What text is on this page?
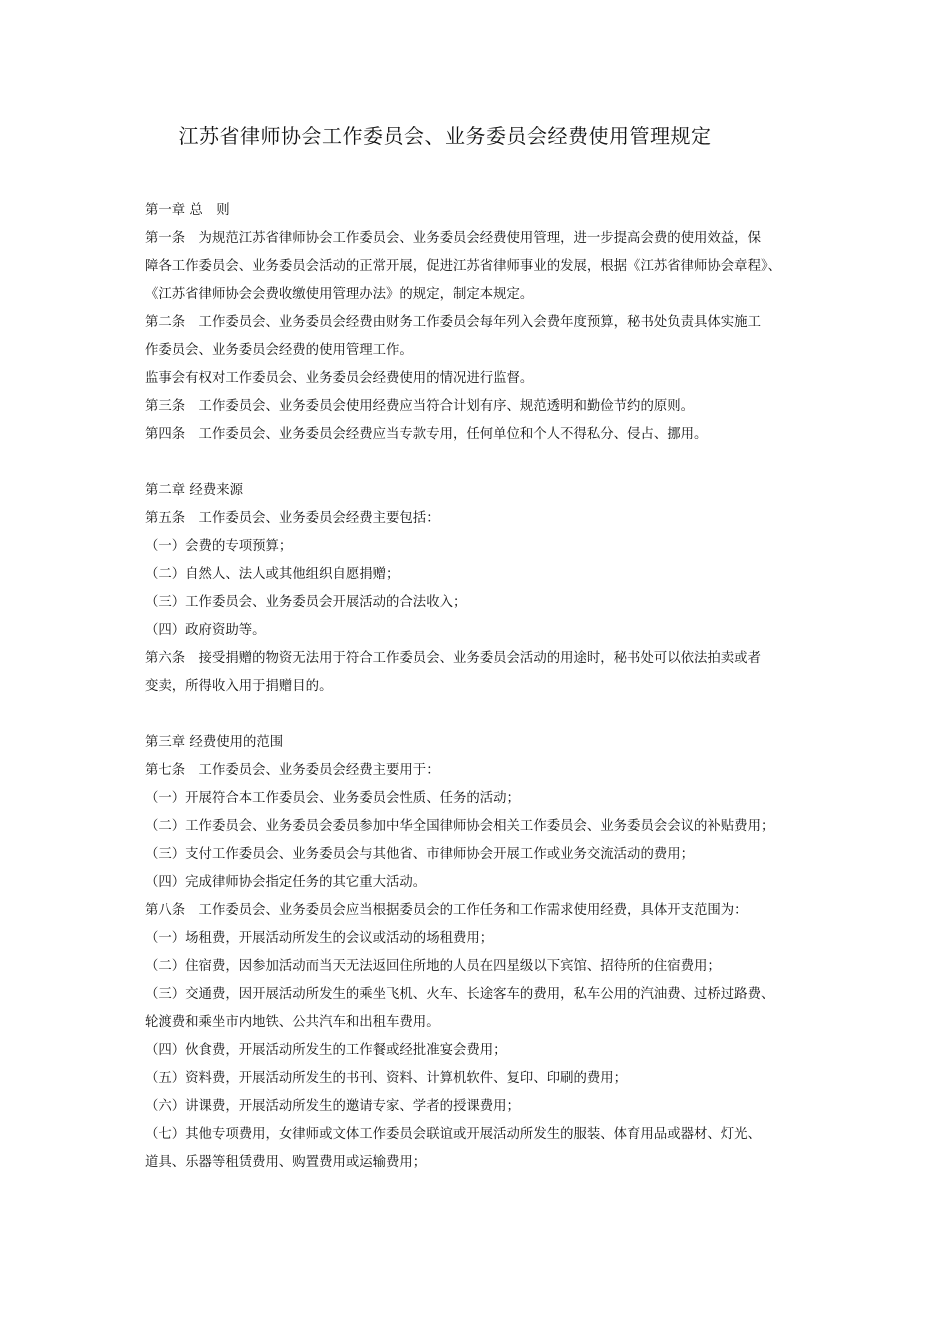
江苏省律师协会工作委员会、业务委员会经费使用管理规定
第一章 总　则
第一条　为规范江苏省律师协会工作委员会、业务委员会经费使用管理，进一步提高会费的使用效益，保
障各工作委员会、业务委员会活动的正常开展，促进江苏省律师事业的发展，根据《江苏省律师协会章程》、
《江苏省律师协会会费收缴使用管理办法》的规定，制定本规定。
第二条　工作委员会、业务委员会经费由财务工作委员会每年列入会费年度预算，秘书处负责具体实施工
作委员会、业务委员会经费的使用管理工作。
监事会有权对工作委员会、业务委员会经费使用的情况进行监督。
第三条　工作委员会、业务委员会使用经费应当符合计划有序、规范透明和勤俭节约的原则。
第四条　工作委员会、业务委员会经费应当专款专用，任何单位和个人不得私分、侵占、挪用。
第二章 经费来源
第五条　工作委员会、业务委员会经费主要包括：
（一）会费的专项预算；
（二）自然人、法人或其他组织自愿捐赠；
（三）工作委员会、业务委员会开展活动的合法收入；
（四）政府资助等。
第六条　接受捐赠的物资无法用于符合工作委员会、业务委员会活动的用途时，秘书处可以依法拍卖或者
变卖，所得收入用于捐赠目的。
第三章 经费使用的范围
第七条　工作委员会、业务委员会经费主要用于：
（一）开展符合本工作委员会、业务委员会性质、任务的活动；
（二）工作委员会、业务委员会委员参加中华全国律师协会相关工作委员会、业务委员会会议的补贴费用；
（三）支付工作委员会、业务委员会与其他省、市律师协会开展工作或业务交流活动的费用；
（四）完成律师协会指定任务的其它重大活动。
第八条　工作委员会、业务委员会应当根据委员会的工作任务和工作需求使用经费，具体开支范围为：
（一）场租费，开展活动所发生的会议或活动的场租费用；
（二）住宿费，因参加活动而当天无法返回住所地的人员在四星级以下宾馆、招待所的住宿费用；
（三）交通费，因开展活动所发生的乘坐飞机、火车、长途客车的费用，私车公用的汽油费、过桥过路费、
轮渡费和乘坐市内地铁、公共汽车和出租车费用。
（四）伙食费，开展活动所发生的工作餐或经批准宴会费用；
（五）资料费，开展活动所发生的书刊、资料、计算机软件、复印、印刷的费用；
（六）讲课费，开展活动所发生的邀请专家、学者的授课费用；
（七）其他专项费用，女律师或文体工作委员会联谊或开展活动所发生的服装、体育用品或器材、灯光、
道具、乐器等租赁费用、购置费用或运输费用；
